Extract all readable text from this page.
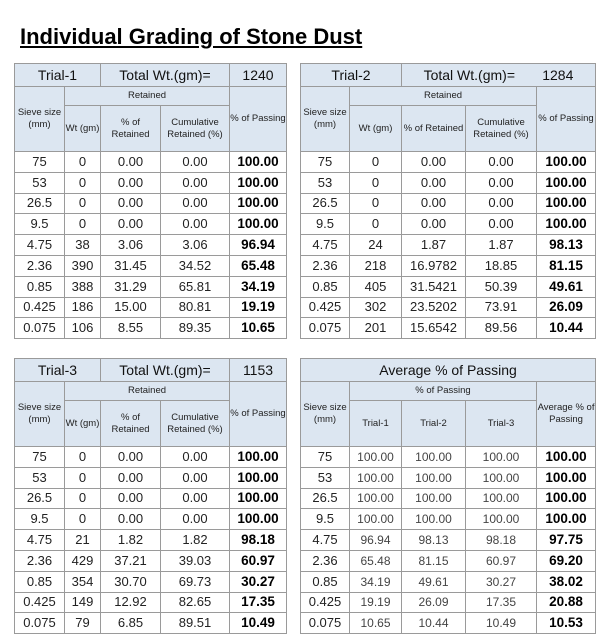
Individual Grading of Stone Dust
Trial-1		Total Wt.(gm)=		1240
Sieve size (mm)	Retained			% of Passing
	Wt (gm)	% of Retained	Cumulative Retained (%)	
75	0	0.00	0.00	100.00
53	0	0.00	0.00	100.00
26.5	0	0.00	0.00	100.00
9.5	0	0.00	0.00	100.00
4.75	38	3.06	3.06	96.94
2.36	390	31.45	34.52	65.48
0.85	388	31.29	65.81	34.19
0.425	186	15.00	80.81	19.19
0.075	106	8.55	89.35	10.65
Trial-2		Total Wt.(gm)= 1284		
Sieve size (mm)	Retained			% of Passing
	Wt (gm)	% of Retained	Cumulative Retained (%)	
75	0	0.00	0.00	100.00
53	0	0.00	0.00	100.00
26.5	0	0.00	0.00	100.00
9.5	0	0.00	0.00	100.00
4.75	24	1.87	1.87	98.13
2.36	218	16.9782	18.85	81.15
0.85	405	31.5421	50.39	49.61
0.425	302	23.5202	73.91	26.09
0.075	201	15.6542	89.56	10.44
Trial-3		Total Wt.(gm)=		1153
Sieve size (mm)	Retained			% of Passing
	Wt (gm)	% of Retained	Cumulative Retained (%)	
75	0	0.00	0.00	100.00
53	0	0.00	0.00	100.00
26.5	0	0.00	0.00	100.00
9.5	0	0.00	0.00	100.00
4.75	21	1.82	1.82	98.18
2.36	429	37.21	39.03	60.97
0.85	354	30.70	69.73	30.27
0.425	149	12.92	82.65	17.35
0.075	79	6.85	89.51	10.49
Average % of Passing				
Sieve size (mm)	% of Passing			Average % of Passing
	Trial-1	Trial-2	Trial-3	
75	100.00	100.00	100.00	100.00
53	100.00	100.00	100.00	100.00
26.5	100.00	100.00	100.00	100.00
9.5	100.00	100.00	100.00	100.00
4.75	96.94	98.13	98.18	97.75
2.36	65.48	81.15	60.97	69.20
0.85	34.19	49.61	30.27	38.02
0.425	19.19	26.09	17.35	20.88
0.075	10.65	10.44	10.49	10.53
